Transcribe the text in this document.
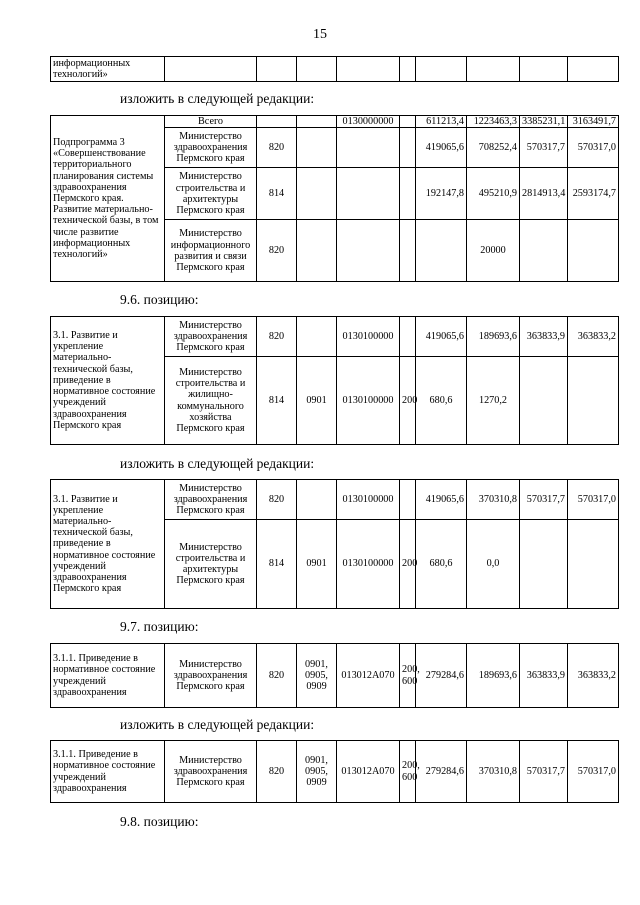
15
информационных технологий»									
изложить в следующей редакции:
Подпрограмма 3 «Совершенствование территориального планирования системы здравоохранения Пермского края. Развитие материально-технической базы, в том числе развитие информационных технологий»	Всего			0130000000		611213,4	1223463,3	3385231,1	3163491,7
	Министерство здравоохранения Пермского края	820				419065,6	708252,4	570317,7	570317,0
	Министерство строительства и архитектуры Пермского края	814				192147,8	495210,9	2814913,4	2593174,7
	Министерство информационного развития и связи Пермского края	820					20000		
9.6. позицию:
3.1. Развитие и укрепление материально-технической базы, приведение в нормативное состояние учреждений здравоохранения Пермского края	Министерство здравоохранения Пермского края	820		0130100000		419065,6	189693,6	363833,9	363833,2
	Министерство строительства и жилищно-коммунального хозяйства Пермского края	814	0901	0130100000	200	680,6	1270,2		
изложить в следующей редакции:
3.1. Развитие и укрепление материально-технической базы, приведение в нормативное состояние учреждений здравоохранения Пермского края	Министерство здравоохранения Пермского края	820		0130100000		419065,6	370310,8	570317,7	570317,0
	Министерство строительства и архитектуры Пермского края	814	0901	0130100000	200	680,6	0,0		
9.7. позицию:
3.1.1. Приведение в нормативное состояние учреждений здравоохранения	Министерство здравоохранения Пермского края	820	0901, 0905, 0909	013012А070	200, 600	279284,6	189693,6	363833,9	363833,2
изложить в следующей редакции:
3.1.1. Приведение в нормативное состояние учреждений здравоохранения	Министерство здравоохранения Пермского края	820	0901, 0905, 0909	013012А070	200, 600	279284,6	370310,8	570317,7	570317,0
9.8. позицию:
